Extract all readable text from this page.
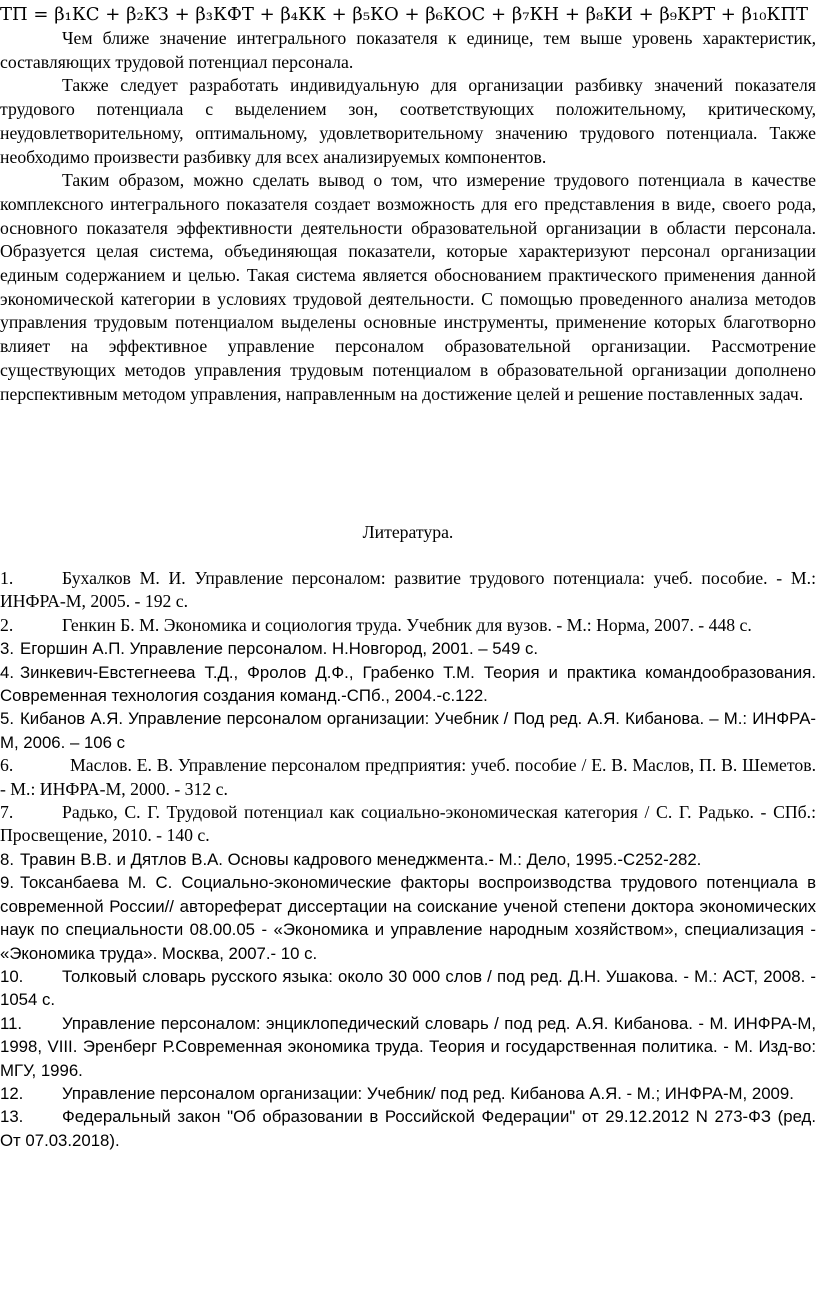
ТП = β₁КС + β₂КЗ + β₃КФТ + β₄КК + β₅КО + β₆КОС + β₇КН + β₈КИ + β₉КРТ + β₁₀КПТ

Чем ближе значение интегрального показателя к единице, тем выше уровень характеристик, составляющих трудовой потенциал персонала.

Также следует разработать индивидуальную для организации разбивку значений показателя трудового потенциала с выделением зон, соответствующих положительному, критическому, неудовлетворительному, оптимальному, удовлетворительному значению трудового потенциала. Также необходимо произвести разбивку для всех анализируемых компонентов.

Таким образом, можно сделать вывод о том, что измерение трудового потенциала в качестве комплексного интегрального показателя создает возможность для его представления в виде, своего рода, основного показателя эффективности деятельности образовательной организации в области персонала. Образуется целая система, объединяющая показатели, которые характеризуют персонал организации единым содержанием и целью. Такая система является обоснованием практического применения данной экономической категории в условиях трудовой деятельности. С помощью проведенного анализа методов управления трудовым потенциалом выделены основные инструменты, применение которых благотворно влияет на эффективное управление персоналом образовательной организации. Рассмотрение существующих методов управления трудовым потенциалом в образовательной организации дополнено перспективным методом управления, направленным на достижение целей и решение поставленных задач.

Литература.

1.	Бухалков М. И. Управление персоналом: развитие трудового потенциала: учеб. пособие. - М.: ИНФРА-М, 2005. - 192 с.

2.	Генкин Б. М. Экономика и социология труда. Учебник для вузов. - М.: Норма, 2007. - 448 с.

3. Егоршин А.П. Управление персоналом. Н.Новгород, 2001. – 549 с.

4. Зинкевич-Евстегнеева Т.Д., Фролов Д.Ф., Грабенко Т.М. Теория и практика командообразования. Современная технология создания команд.-СПб., 2004.-с.122.

5. Кибанов А.Я. Управление персоналом организации: Учебник / Под ред. А.Я. Кибанова. – М.: ИНФРА-М, 2006. – 106 с

6.	Маслов. Е. В. Управление персоналом предприятия: учеб. пособие / Е. В. Маслов, П. В. Шеметов. - М.: ИНФРА-М, 2000. - 312 с.

7.	Радько, С. Г. Трудовой потенциал как социально-экономическая категория / С. Г. Радько. - СПб.: Просвещение, 2010. - 140 с.

8. Травин В.В. и Дятлов В.А. Основы кадрового менеджмента.- М.: Дело, 1995.-С252-282.

9. Токсанбаева М. С. Социально-экономические факторы воспроизводства трудового потенциала в современной России// автореферат диссертации на соискание ученой степени доктора экономических наук по специальности 08.00.05 - «Экономика и управление народным хозяйством», специализация - «Экономика труда». Москва, 2007.- 10 с.

10. Толковый словарь русского языка: около 30 000 слов / под ред. Д.Н. Ушакова. - М.: АСТ, 2008. - 1054 с.

11. Управление персоналом: энциклопедический словарь / под ред. А.Я. Кибанова. - М. ИНФРА-М, 1998, VIII. Эренберг Р.Современная экономика труда. Теория и государственная политика. - М. Изд-во: МГУ, 1996.

12. Управление персоналом организации: Учебник/ под ред. Кибанова А.Я. - М.; ИНФРА-М, 2009.

13. Федеральный закон "Об образовании в Российской Федерации" от 29.12.2012 N 273-ФЗ (ред. От 07.03.2018).
